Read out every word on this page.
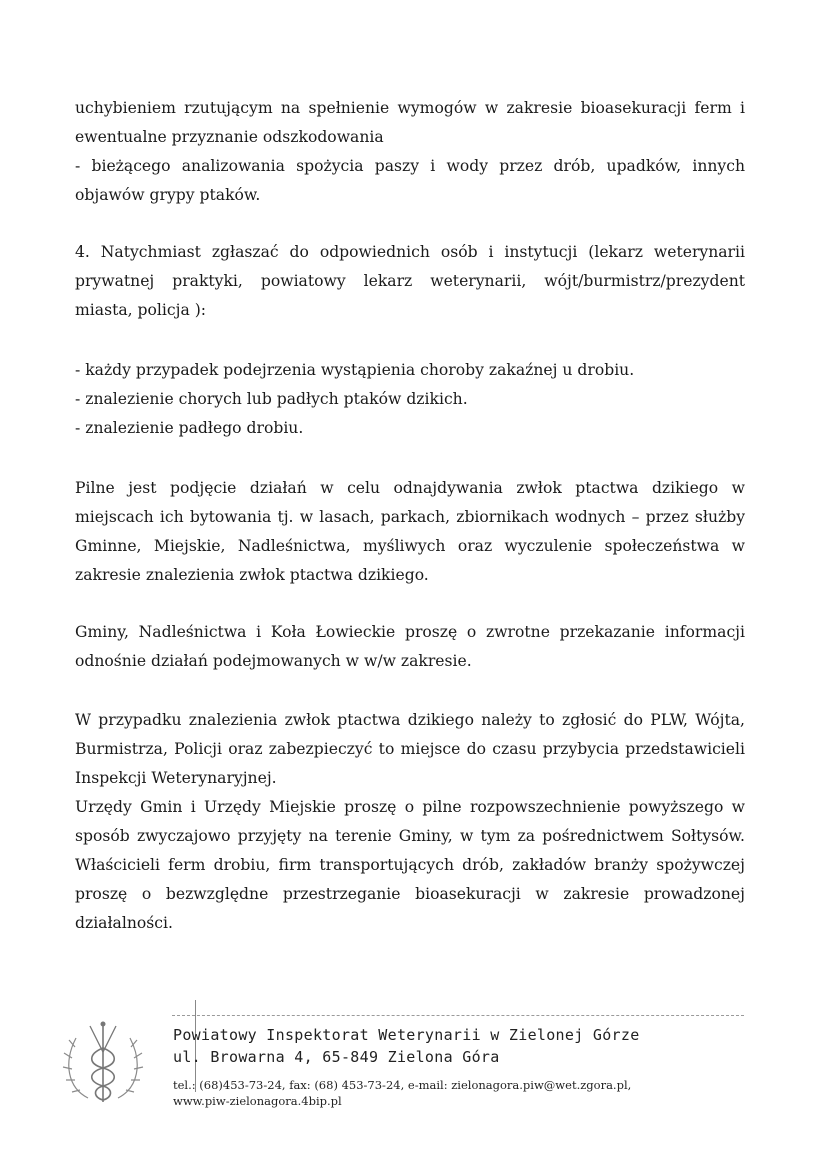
uchybieniem rzutującym na spełnienie wymogów w zakresie bioasekuracji ferm i
ewentualne przyznanie odszkodowania
- bieżącego analizowania spożycia paszy i wody przez drób, upadków, innych
objawów grypy ptaków.
4. Natychmiast zgłaszać do odpowiednich osób i instytucji (lekarz weterynarii
prywatnej praktyki, powiatowy lekarz weterynarii, wójt/burmistrz/prezydent
miasta, policja ):
- każdy przypadek podejrzenia wystąpienia choroby zakaźnej u drobiu.
- znalezienie chorych lub padłych ptaków dzikich.
- znalezienie padłego drobiu.
Pilne jest podjęcie działań w celu odnajdywania zwłok ptactwa dzikiego w
miejscach ich bytowania tj. w lasach, parkach, zbiornikach wodnych – przez służby
Gminne, Miejskie, Nadleśnictwa, myśliwych oraz wyczulenie społeczeństwa w
zakresie znalezienia zwłok ptactwa dzikiego.
Gminy, Nadleśnictwa i Koła Łowieckie proszę o zwrotne przekazanie informacji
odnośnie działań podejmowanych w w/w zakresie.
W przypadku znalezienia zwłok ptactwa dzikiego należy to zgłosić do PLW, Wójta,
Burmistrza, Policji oraz zabezpieczyć to miejsce do czasu przybycia przedstawicieli
Inspekcji Weterynaryjnej.
Urzędy Gmin i Urzędy Miejskie proszę o pilne rozpowszechnienie powyższego w
sposób zwyczajowo przyjęty na terenie Gminy, w tym za pośrednictwem Sołtysów.
Właścicieli ferm drobiu, firm transportujących drób, zakładów branży spożywczej
proszę o bezwzględne przestrzeganie bioasekuracji w zakresie prowadzonej
działalności.
Powiatowy Inspektorat Weterynarii w Zielonej Górze
ul. Browarna 4, 65-849 Zielona Góra
tel.: (68)453-73-24, fax: (68) 453-73-24, e-mail: zielonagora.piw@wet.zgora.pl,
www.piw-zielonagora.4bip.pl
